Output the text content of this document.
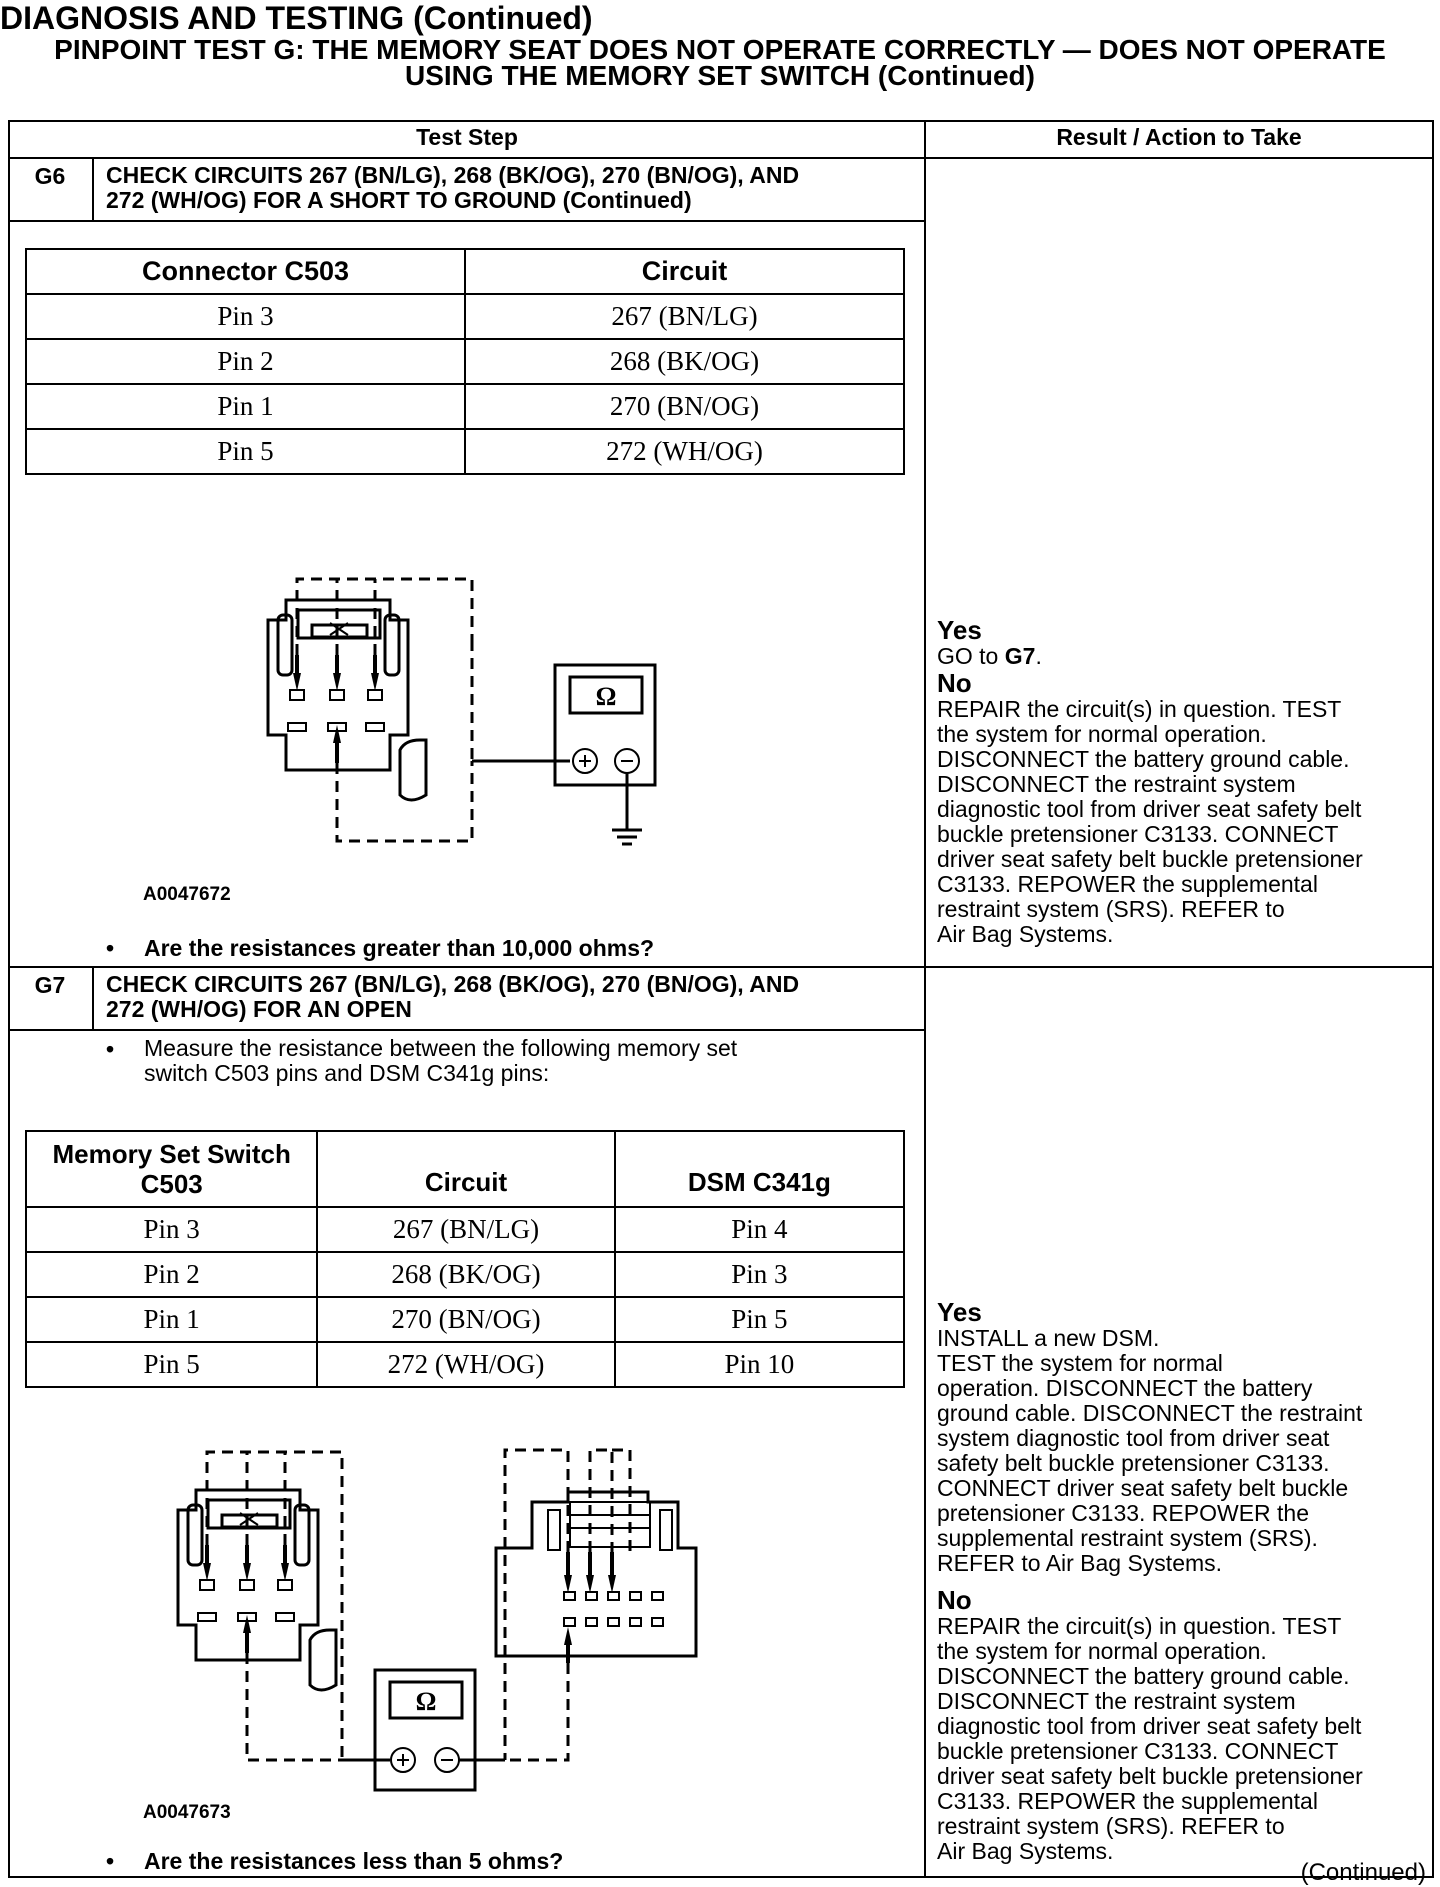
DIAGNOSIS AND TESTING (Continued)
PINPOINT TEST G: THE MEMORY SEAT DOES NOT OPERATE CORRECTLY — DOES NOT OPERATE
USING THE MEMORY SET SWITCH (Continued)
Test Step	Result / Action to Take
G6	CHECK CIRCUITS 267 (BN/LG), 268 (BK/OG), 270 (BN/OG), AND
272 (WH/OG) FOR A SHORT TO GROUND (Continued)
Connector C503	Circuit
Pin 3	267 (BN/LG)
Pin 2	268 (BK/OG)
Pin 1	270 (BN/OG)
Pin 5	272 (WH/OG)
Ω
A0047672
• Are the resistances greater than 10,000 ohms?
Yes
GO to G7.
No
REPAIR the circuit(s) in question. TEST
the system for normal operation.
DISCONNECT the battery ground cable.
DISCONNECT the restraint system
diagnostic tool from driver seat safety belt
buckle pretensioner C3133. CONNECT
driver seat safety belt buckle pretensioner
C3133. REPOWER the supplemental
restraint system (SRS). REFER to
Air Bag Systems.
G7	CHECK CIRCUITS 267 (BN/LG), 268 (BK/OG), 270 (BN/OG), AND
272 (WH/OG) FOR AN OPEN
• Measure the resistance between the following memory set
switch C503 pins and DSM C341g pins:
Memory Set Switch
C503	Circuit	DSM C341g
Pin 3	267 (BN/LG)	Pin 4
Pin 2	268 (BK/OG)	Pin 3
Pin 1	270 (BN/OG)	Pin 5
Pin 5	272 (WH/OG)	Pin 10
Ω
A0047673
• Are the resistances less than 5 ohms?
Yes
INSTALL a new DSM.
TEST the system for normal
operation. DISCONNECT the battery
ground cable. DISCONNECT the restraint
system diagnostic tool from driver seat
safety belt buckle pretensioner C3133.
CONNECT driver seat safety belt buckle
pretensioner C3133. REPOWER the
supplemental restraint system (SRS).
REFER to Air Bag Systems.
No
REPAIR the circuit(s) in question. TEST
the system for normal operation.
DISCONNECT the battery ground cable.
DISCONNECT the restraint system
diagnostic tool from driver seat safety belt
buckle pretensioner C3133. CONNECT
driver seat safety belt buckle pretensioner
C3133. REPOWER the supplemental
restraint system (SRS). REFER to
Air Bag Systems.
(Continued)
